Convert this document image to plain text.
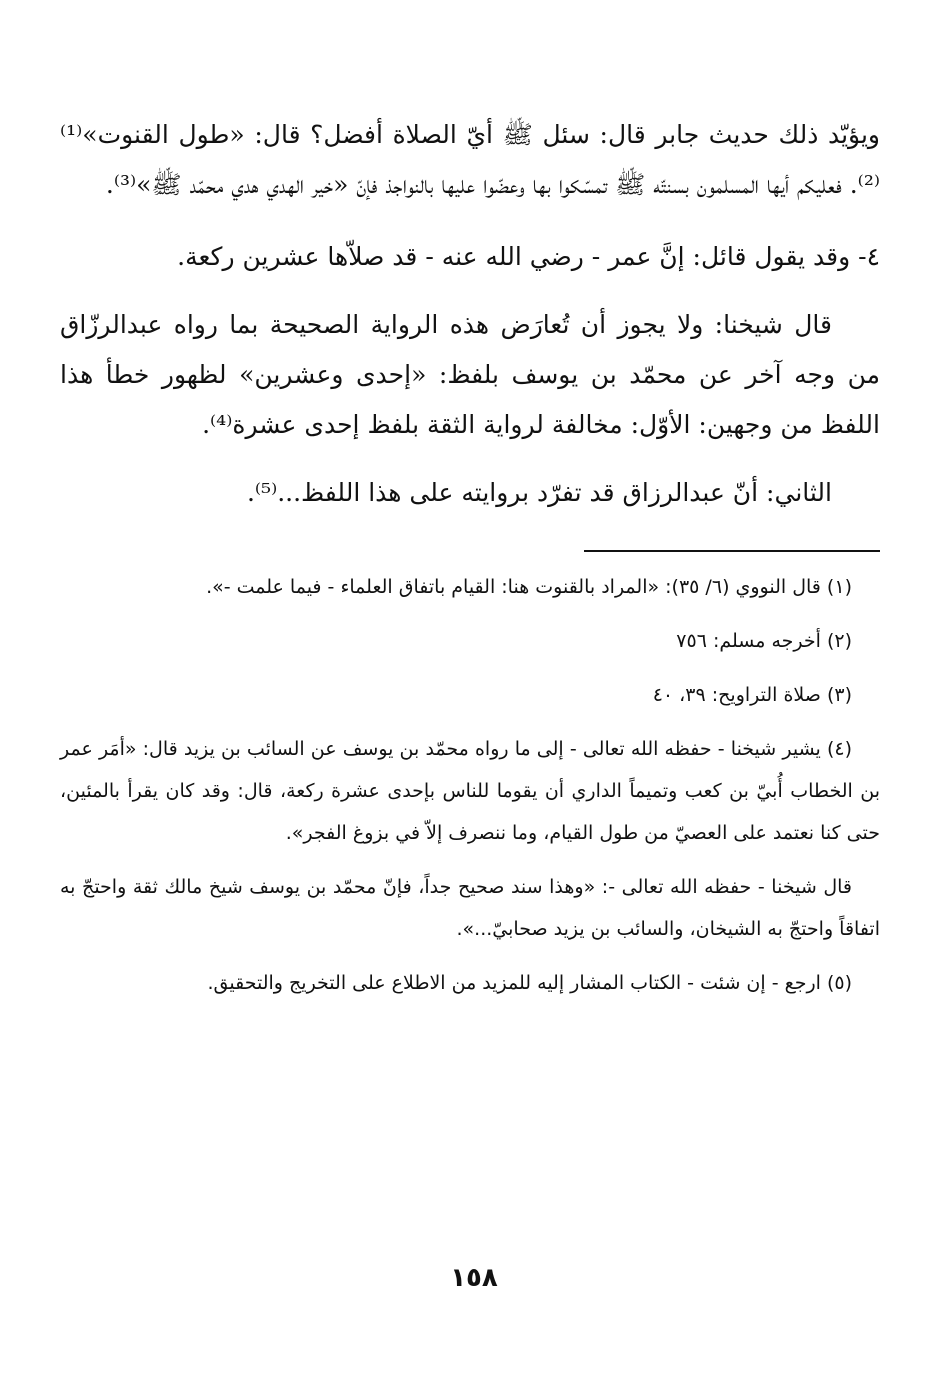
ويؤيّد ذلك حديث جابر قال: سئل ﷺ أيّ الصلاة أفضل؟ قال: «طول القنوت»⁽¹⁾⁽²⁾. فعليكم أيها المسلمون بسنتّه ﷺ تمسّكوا بها وعضّوا عليها بالنواجذ فإنّ «خير الهدي هدي محمّد ﷺ»⁽³⁾.

٤- وقد يقول قائل: إنَّ عمر - رضي الله عنه - قد صلاّها عشرين ركعة.

قال شيخنا: ولا يجوز أن تُعارَض هذه الرواية الصحيحة بما رواه عبدالرزّاق من وجه آخر عن محمّد بن يوسف بلفظ: «إحدى وعشرين» لظهور خطأ هذا اللفظ من وجهين: الأوّل: مخالفة لرواية الثقة بلفظ إحدى عشرة⁽⁴⁾.

الثاني: أنّ عبدالرزاق قد تفرّد بروايته على هذا اللفظ...⁽⁵⁾.

(١) قال النووي (٦/ ٣٥): «المراد بالقنوت هنا: القيام باتفاق العلماء - فيما علمت -».

(٢) أخرجه مسلم: ٧٥٦

(٣) صلاة التراويح: ٣٩، ٤٠

(٤) يشير شيخنا - حفظه الله تعالى - إلى ما رواه محمّد بن يوسف عن السائب بن يزيد قال: «أمَر عمر بن الخطاب أُبيّ بن كعب وتميماً الداري أن يقوما للناس بإحدى عشرة ركعة، قال: وقد كان يقرأ بالمئين، حتى كنا نعتمد على العصيّ من طول القيام، وما ننصرف إلاّ في بزوغ الفجر».

قال شيخنا - حفظه الله تعالى -: «وهذا سند صحيح جداً، فإنّ محمّد بن يوسف شيخ مالك ثقة واحتجّ به اتفاقاً واحتجّ به الشيخان، والسائب بن يزيد صحابيّ...».

(٥) ارجع - إن شئت - الكتاب المشار إليه للمزيد من الاطلاع على التخريج والتحقيق.

١٥٨
